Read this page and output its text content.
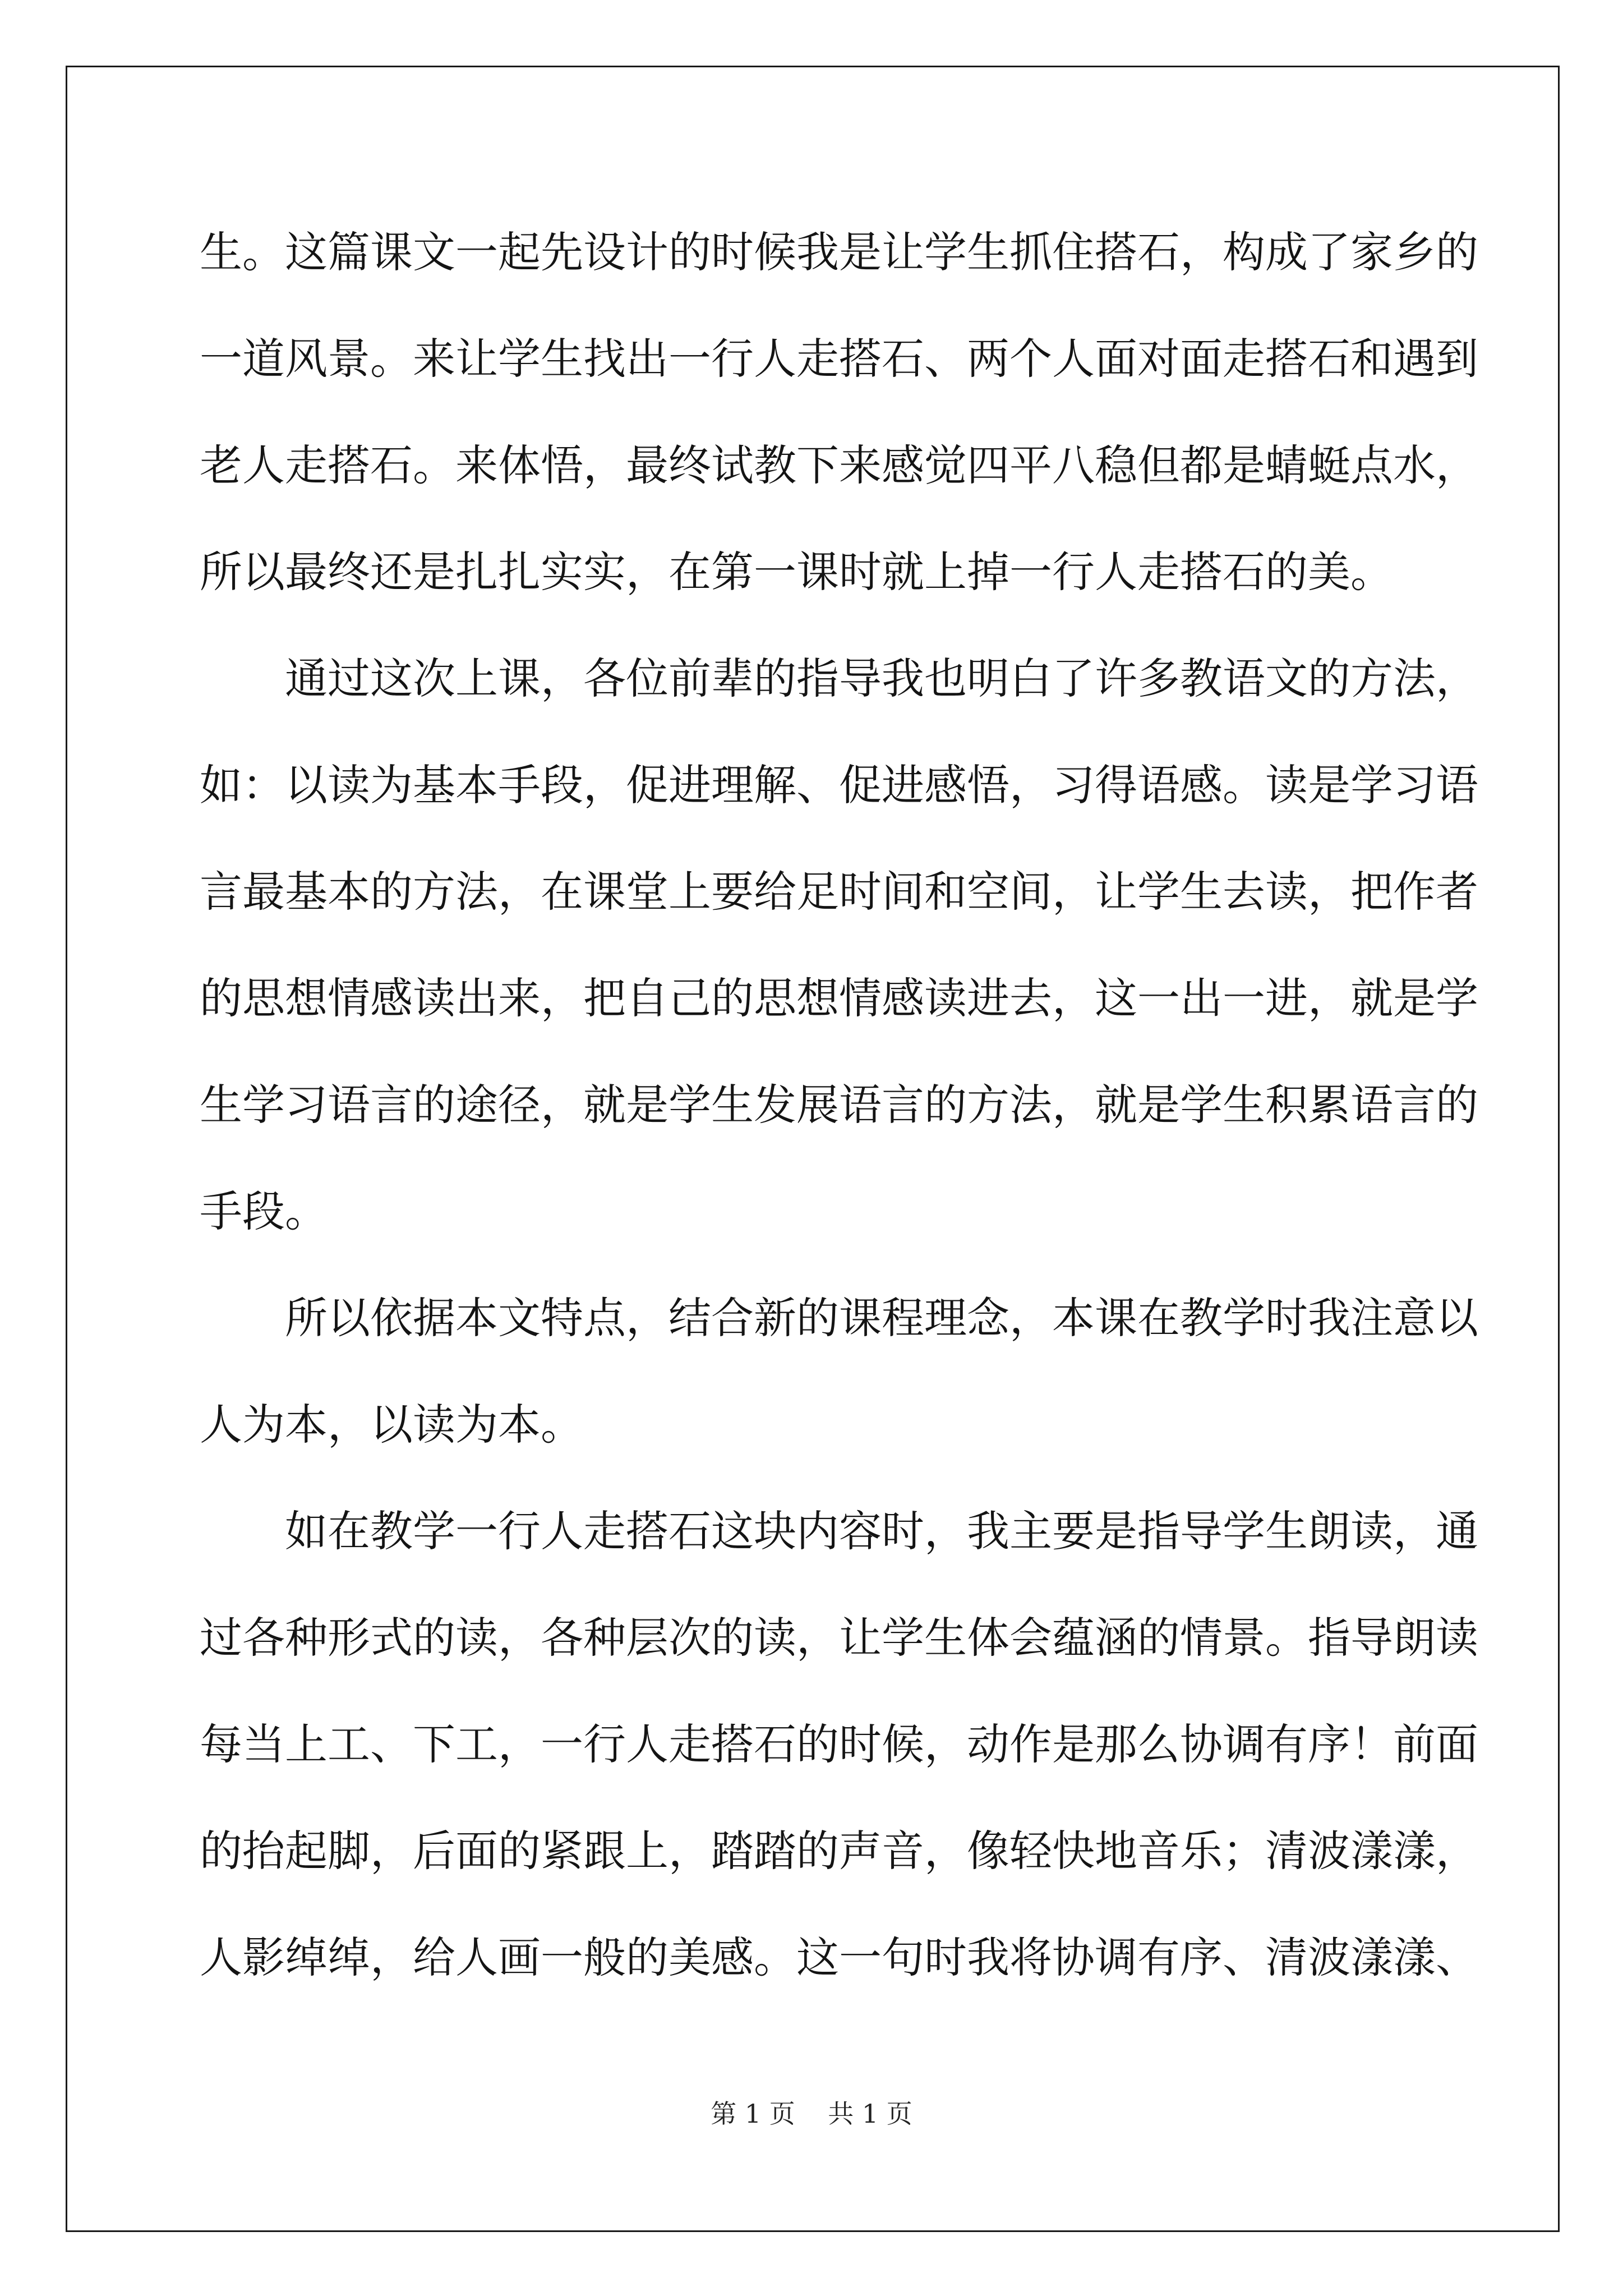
生。这篇课文一起先设计的时候我是让学生抓住搭石，构成了家乡的
一道风景。来让学生找出一行人走搭石、两个人面对面走搭石和遇到
老人走搭石。来体悟，最终试教下来感觉四平八稳但都是蜻蜓点水，
所以最终还是扎扎实实，在第一课时就上掉一行人走搭石的美。
通过这次上课，各位前辈的指导我也明白了许多教语文的方法，
如：以读为基本手段，促进理解、促进感悟，习得语感。读是学习语
言最基本的方法，在课堂上要给足时间和空间，让学生去读，把作者
的思想情感读出来，把自己的思想情感读进去，这一出一进，就是学
生学习语言的途径，就是学生发展语言的方法，就是学生积累语言的
手段。
所以依据本文特点，结合新的课程理念，本课在教学时我注意以
人为本，以读为本。
如在教学一行人走搭石这块内容时，我主要是指导学生朗读，通
过各种形式的读，各种层次的读，让学生体会蕴涵的情景。指导朗读
每当上工、下工，一行人走搭石的时候，动作是那么协调有序！前面
的抬起脚，后面的紧跟上，踏踏的声音，像轻快地音乐；清波漾漾，
人影绰绰，给人画一般的美感。这一句时我将协调有序、清波漾漾、
第 1 页    共 1 页
